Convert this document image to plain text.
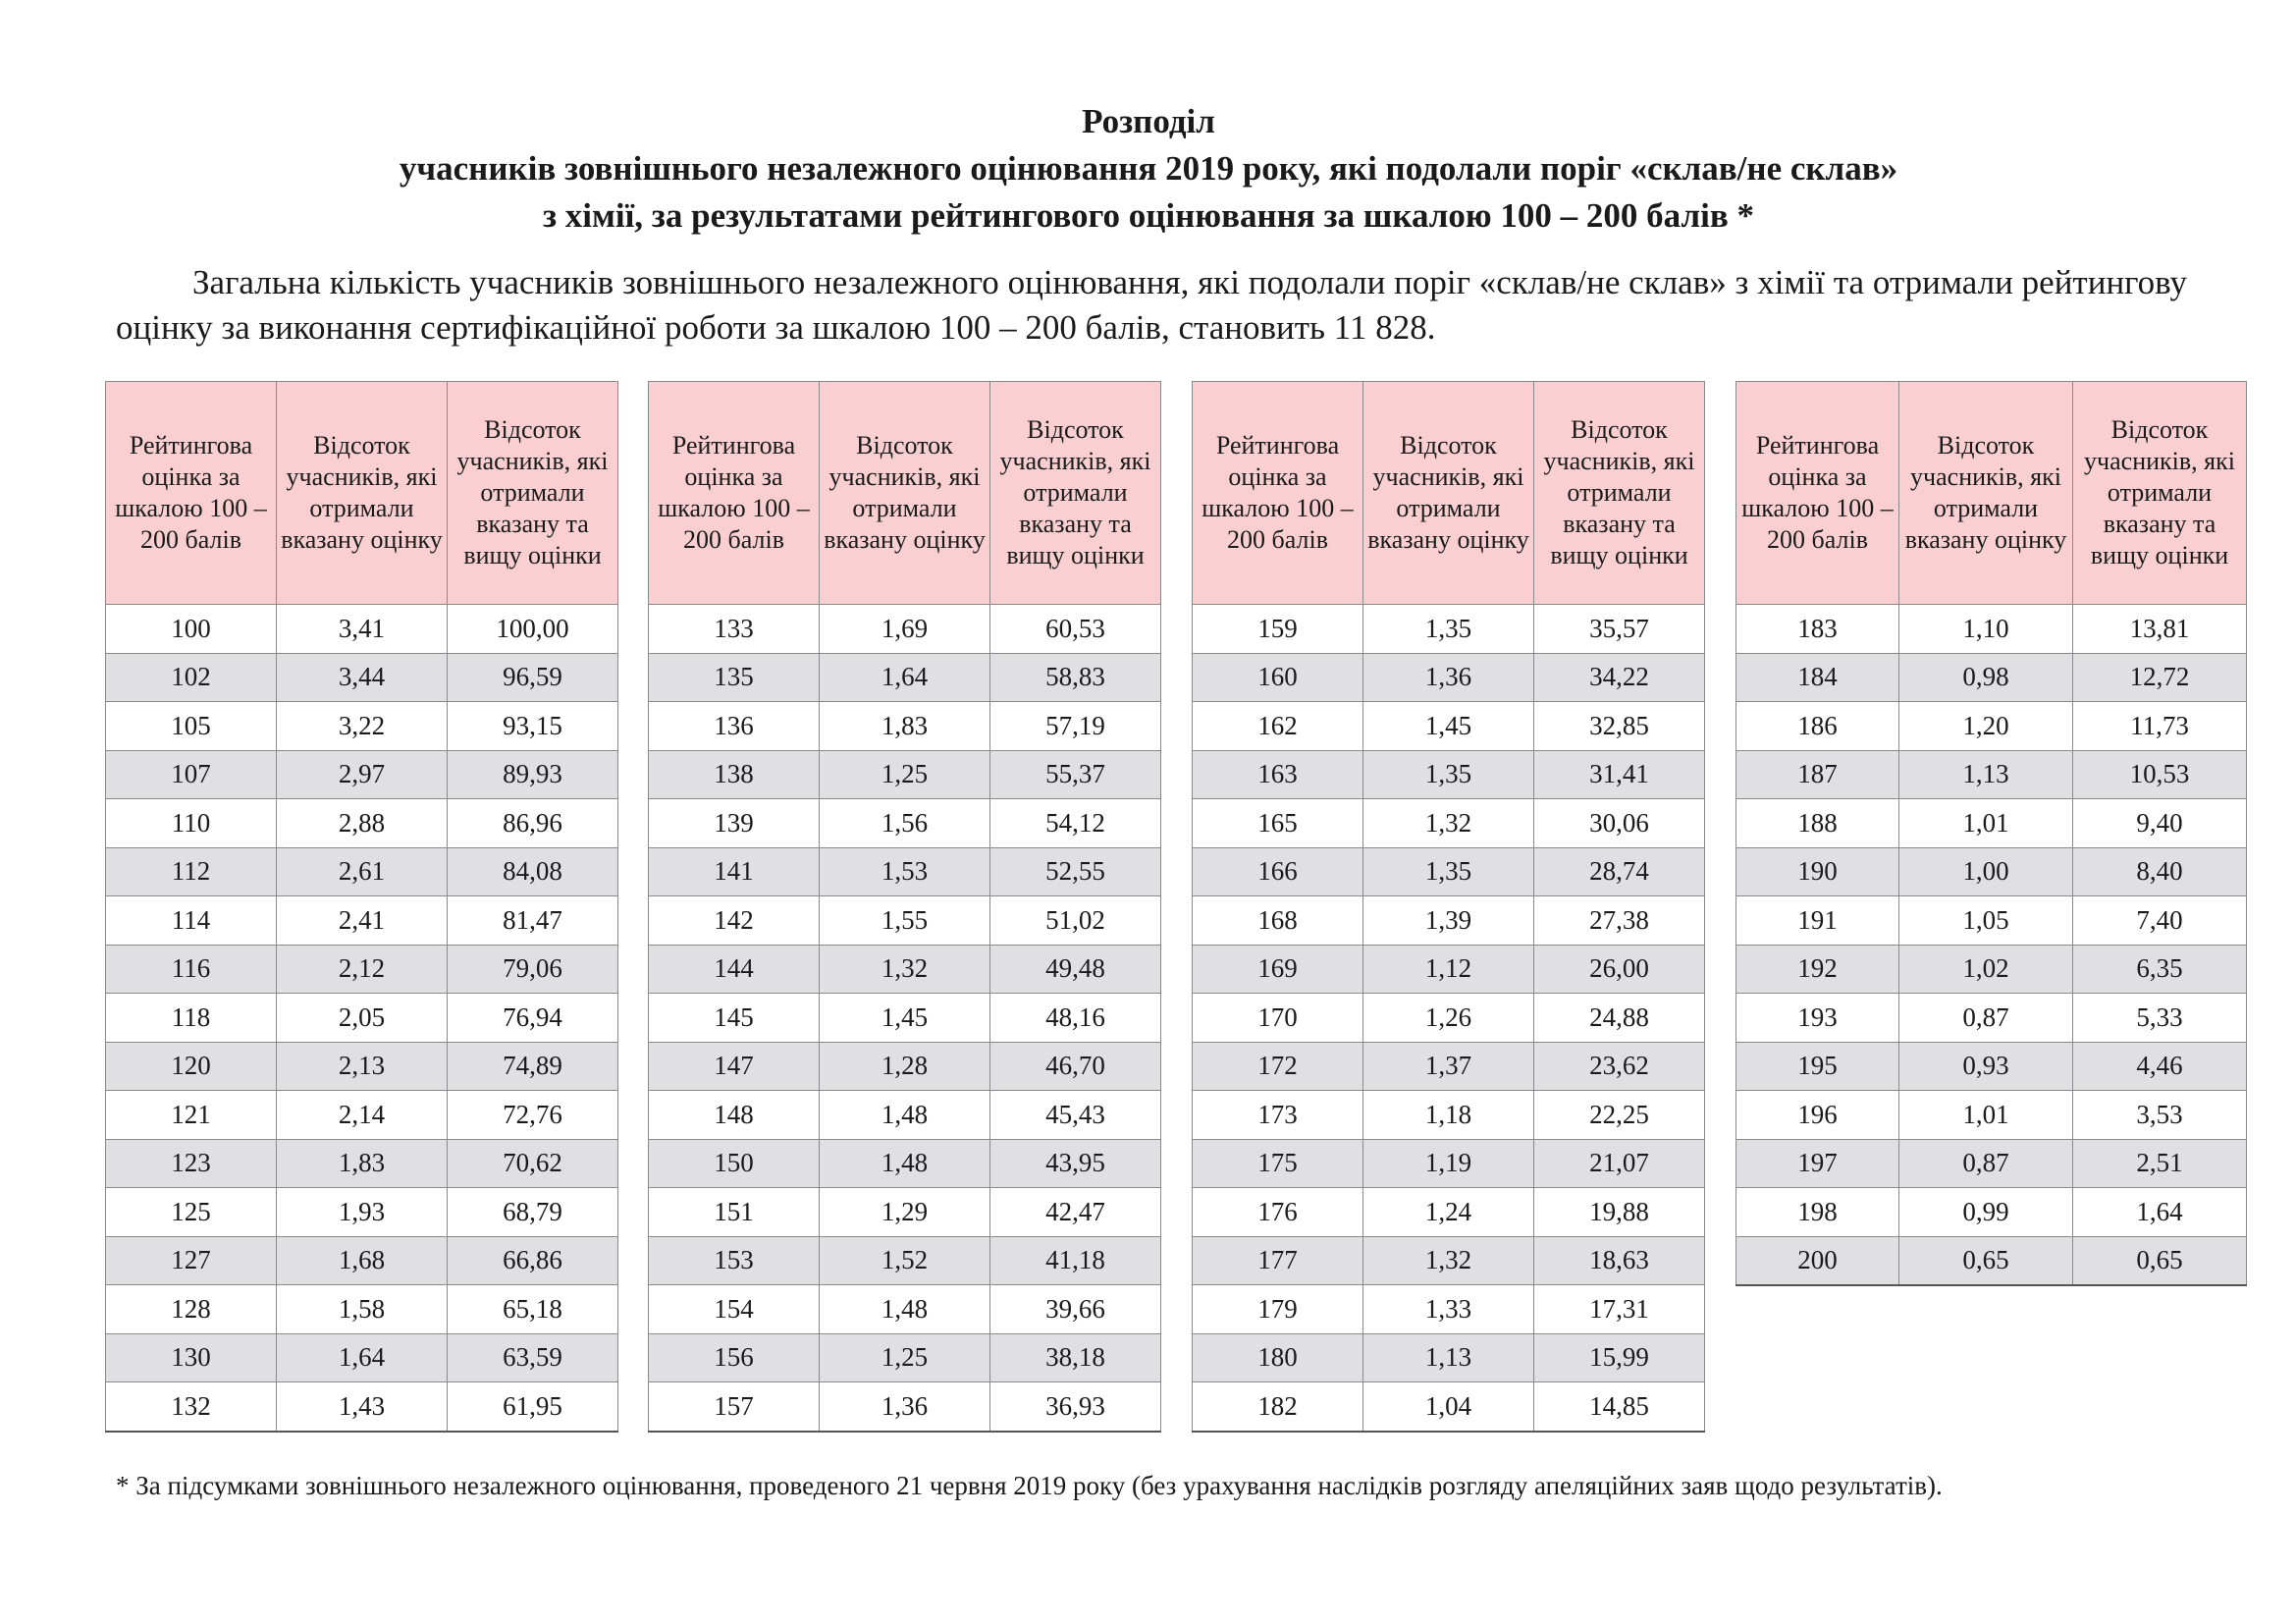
Розподіл
учасників зовнішнього незалежного оцінювання 2019 року, які подолали поріг «склав/не склав»
з хімії, за результатами рейтингового оцінювання за шкалою 100 – 200 балів *
Загальна кількість учасників зовнішнього незалежного оцінювання, які подолали поріг «склав/не склав» з хімії та отримали рейтингову оцінку за виконання сертифікаційної роботи за шкалою 100 – 200 балів, становить 11 828.
Рейтингова оцінка за шкалою 100 – 200 балів	Відсоток учасників, які отримали вказану оцінку	Відсоток учасників, які отримали вказану та вищу оцінки
100	3,41	100,00
102	3,44	96,59
105	3,22	93,15
107	2,97	89,93
110	2,88	86,96
112	2,61	84,08
114	2,41	81,47
116	2,12	79,06
118	2,05	76,94
120	2,13	74,89
121	2,14	72,76
123	1,83	70,62
125	1,93	68,79
127	1,68	66,86
128	1,58	65,18
130	1,64	63,59
132	1,43	61,95
Рейтингова оцінка за шкалою 100 – 200 балів	Відсоток учасників, які отримали вказану оцінку	Відсоток учасників, які отримали вказану та вищу оцінки
133	1,69	60,53
135	1,64	58,83
136	1,83	57,19
138	1,25	55,37
139	1,56	54,12
141	1,53	52,55
142	1,55	51,02
144	1,32	49,48
145	1,45	48,16
147	1,28	46,70
148	1,48	45,43
150	1,48	43,95
151	1,29	42,47
153	1,52	41,18
154	1,48	39,66
156	1,25	38,18
157	1,36	36,93
Рейтингова оцінка за шкалою 100 – 200 балів	Відсоток учасників, які отримали вказану оцінку	Відсоток учасників, які отримали вказану та вищу оцінки
159	1,35	35,57
160	1,36	34,22
162	1,45	32,85
163	1,35	31,41
165	1,32	30,06
166	1,35	28,74
168	1,39	27,38
169	1,12	26,00
170	1,26	24,88
172	1,37	23,62
173	1,18	22,25
175	1,19	21,07
176	1,24	19,88
177	1,32	18,63
179	1,33	17,31
180	1,13	15,99
182	1,04	14,85
Рейтингова оцінка за шкалою 100 – 200 балів	Відсоток учасників, які отримали вказану оцінку	Відсоток учасників, які отримали вказану та вищу оцінки
183	1,10	13,81
184	0,98	12,72
186	1,20	11,73
187	1,13	10,53
188	1,01	9,40
190	1,00	8,40
191	1,05	7,40
192	1,02	6,35
193	0,87	5,33
195	0,93	4,46
196	1,01	3,53
197	0,87	2,51
198	0,99	1,64
200	0,65	0,65
* За підсумками зовнішнього незалежного оцінювання, проведеного 21 червня 2019 року (без урахування наслідків розгляду апеляційних заяв щодо результатів).
